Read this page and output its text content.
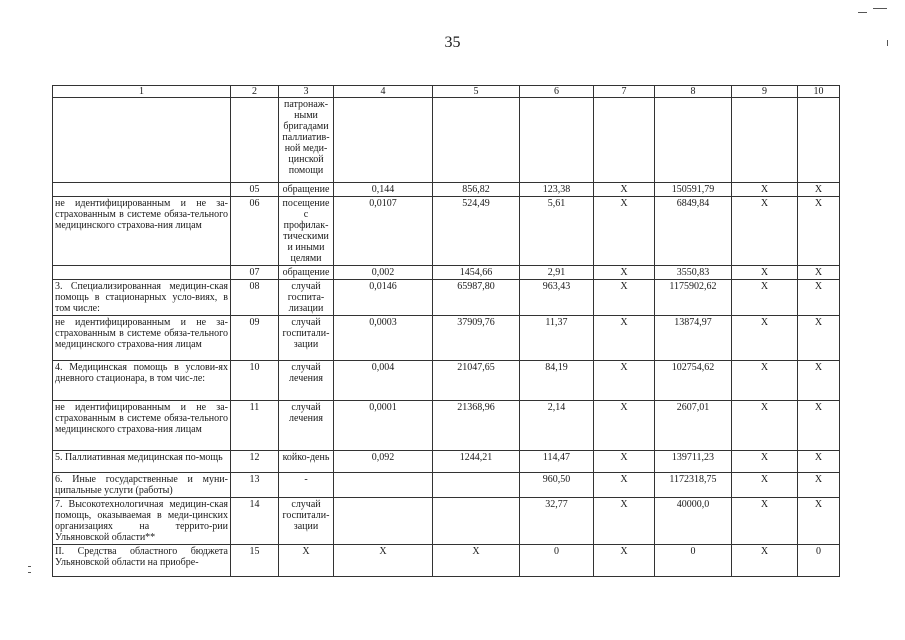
35
1	2	3	4	5	6	7	8	9	10
		патронаж-ными бригадами паллиатив-ной меди-цинской помощи							
	05	обращение	0,144	856,82	123,38	Х	150591,79	Х	Х
не идентифицированным и не за-страхованным в системе обяза-тельного медицинского страхова-ния лицам	06	посещение с профилак-тическими и иными целями	0,0107	524,49	5,61	Х	6849,84	Х	Х
	07	обращение	0,002	1454,66	2,91	Х	3550,83	Х	Х
3. Специализированная медицин-ская помощь в стационарных усло-виях, в том числе:	08	случай госпита-лизации	0,0146	65987,80	963,43	Х	1175902,62	Х	Х
не идентифицированным и не за-страхованным в системе обяза-тельного медицинского страхова-ния лицам	09	случай госпитали-зации	0,0003	37909,76	11,37	Х	13874,97	Х	Х
4. Медицинская помощь в услови-ях дневного стационара, в том чис-ле:	10	случай лечения	0,004	21047,65	84,19	Х	102754,62	Х	Х
не идентифицированным и не за-страхованным в системе обяза-тельного медицинского страхова-ния лицам	11	случай лечения	0,0001	21368,96	2,14	Х	2607,01	Х	Х
5. Паллиативная медицинская по-мощь	12	койко-день	0,092	1244,21	114,47	Х	139711,23	Х	Х
6. Иные государственные и муни-ципальные услуги (работы)	13	-			960,50	Х	1172318,75	Х	Х
7. Высокотехнологичная медицин-ская помощь, оказываемая в меди-цинских организациях на террито-рии Ульяновской области**	14	случай госпитали-зации			32,77	Х	40000,0	Х	Х
II. Средства областного бюджета Ульяновской области на приобре-	15	Х	Х	Х	0	Х	0	Х	0
